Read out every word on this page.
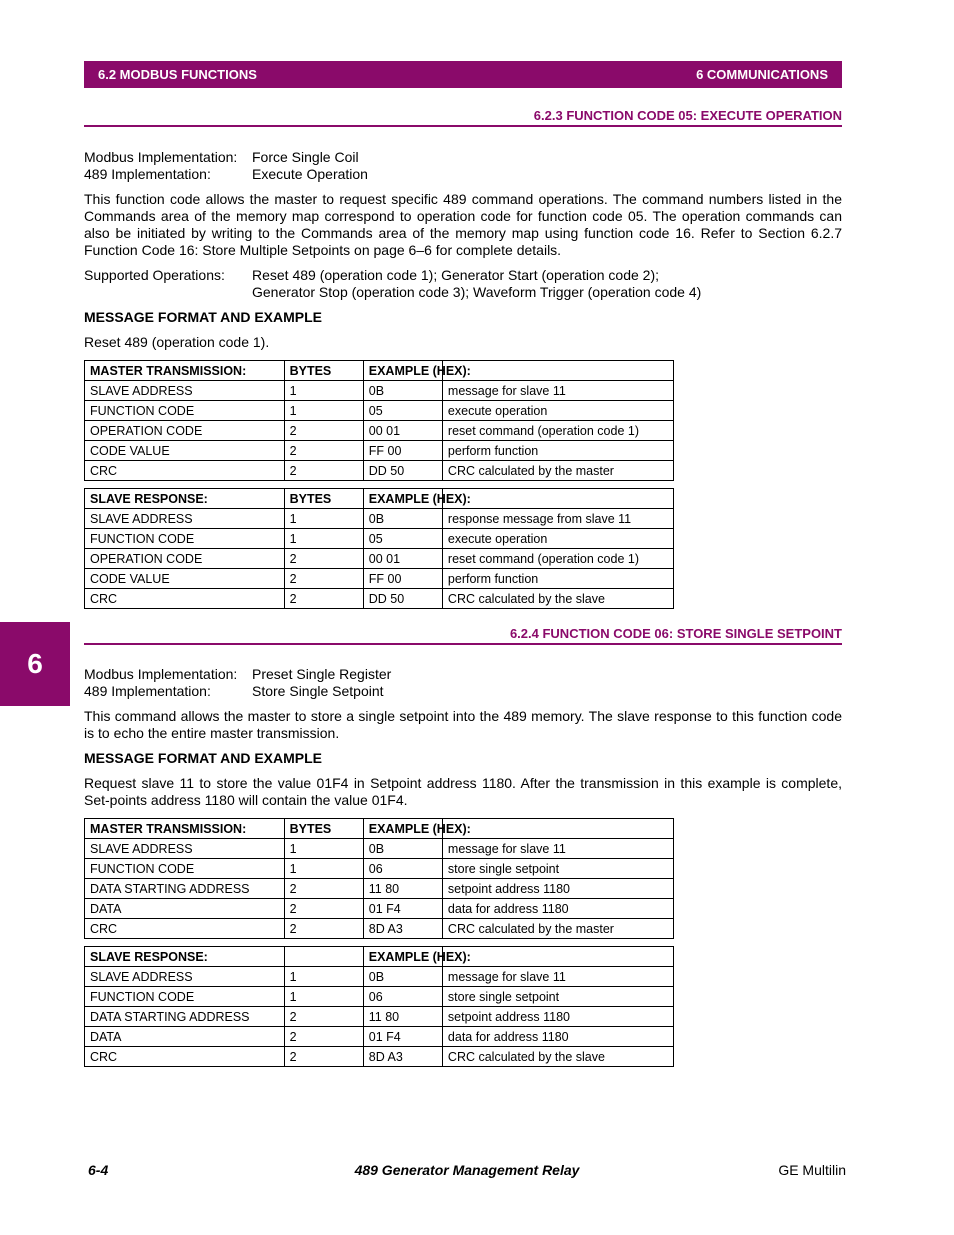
6.2 MODBUS FUNCTIONS	6 COMMUNICATIONS
6.2.3 FUNCTION CODE 05: EXECUTE OPERATION
Modbus Implementation:	Force Single Coil
489 Implementation:	Execute Operation
This function code allows the master to request specific 489 command operations. The command numbers listed in the Commands area of the memory map correspond to operation code for function code 05. The operation commands can also be initiated by writing to the Commands area of the memory map using function code 16. Refer to Section 6.2.7 Function Code 16: Store Multiple Setpoints on page 6–6 for complete details.
Supported Operations:	Reset 489 (operation code 1); Generator Start (operation code 2);
Generator Stop (operation code 3); Waveform Trigger (operation code 4)
MESSAGE FORMAT AND EXAMPLE
Reset 489 (operation code 1).
MASTER TRANSMISSION:	BYTES	EXAMPLE (HEX):	
SLAVE ADDRESS	1	0B	message for slave 11
FUNCTION CODE	1	05	execute operation
OPERATION CODE	2	00 01	reset command (operation code 1)
CODE VALUE	2	FF 00	perform function
CRC	2	DD 50	CRC calculated by the master
SLAVE RESPONSE:	BYTES	EXAMPLE (HEX):	
SLAVE ADDRESS	1	0B	response message from slave 11
FUNCTION CODE	1	05	execute operation
OPERATION CODE	2	00 01	reset command (operation code 1)
CODE VALUE	2	FF 00	perform function
CRC	2	DD 50	CRC calculated by the slave
6
6.2.4 FUNCTION CODE 06: STORE SINGLE SETPOINT
Modbus Implementation:	Preset Single Register
489 Implementation:	Store Single Setpoint
This command allows the master to store a single setpoint into the 489 memory. The slave response to this function code is to echo the entire master transmission.
MESSAGE FORMAT AND EXAMPLE
Request slave 11 to store the value 01F4 in Setpoint address 1180. After the transmission in this example is complete, Set-points address 1180 will contain the value 01F4.
MASTER TRANSMISSION:	BYTES	EXAMPLE (HEX):	
SLAVE ADDRESS	1	0B	message for slave 11
FUNCTION CODE	1	06	store single setpoint
DATA STARTING ADDRESS	2	11 80	setpoint address 1180
DATA	2	01 F4	data for address 1180
CRC	2	8D A3	CRC calculated by the master
SLAVE RESPONSE:		EXAMPLE (HEX):	
SLAVE ADDRESS	1	0B	message for slave 11
FUNCTION CODE	1	06	store single setpoint
DATA STARTING ADDRESS	2	11 80	setpoint address 1180
DATA	2	01 F4	data for address 1180
CRC	2	8D A3	CRC calculated by the slave
6-4	489 Generator Management Relay	GE Multilin
